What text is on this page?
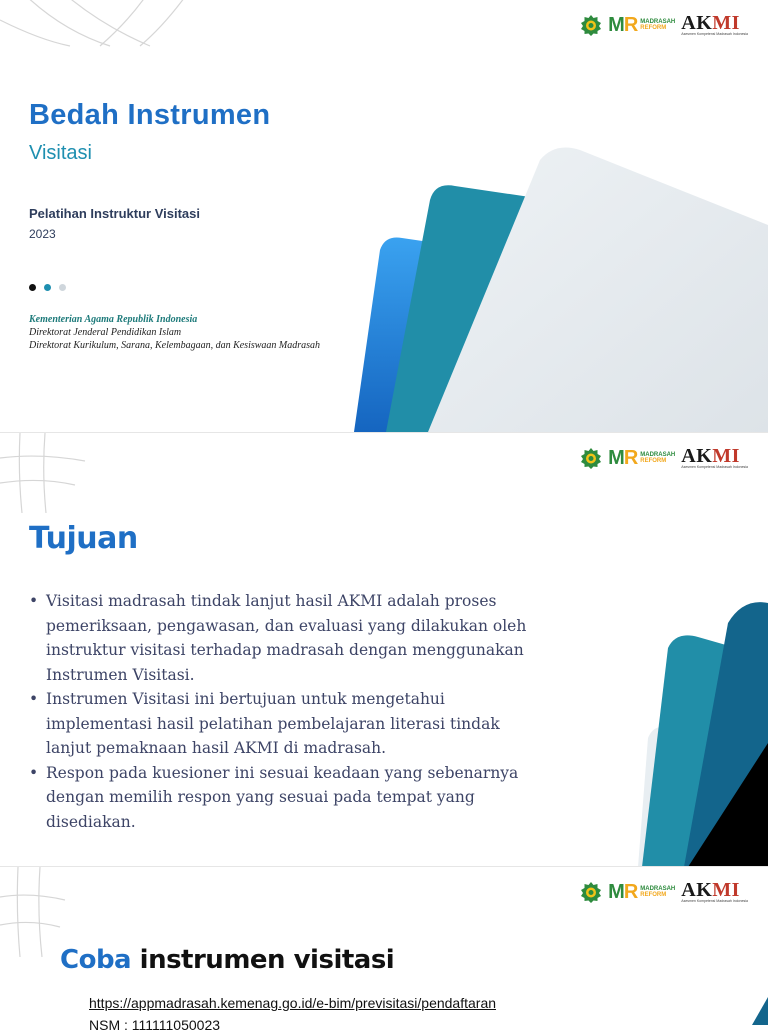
MR MADRASAH
REFORM AKMI
Asesmen Kompetensi Madrasah Indonesia
Bedah Instrumen
Visitasi
Pelatihan Instruktur Visitasi
2023
Kementerian Agama Republik Indonesia
Direktorat Jenderal Pendidikan Islam
Direktorat Kurikulum, Sarana, Kelembagaan, dan Kesiswaan Madrasah
MR MADRASAH
REFORM AKMI
Asesmen Kompetensi Madrasah Indonesia
Tujuan
• Visitasi madrasah tindak lanjut hasil AKMI adalah proses pemeriksaan, pengawasan, dan evaluasi yang dilakukan oleh instruktur visitasi terhadap madrasah dengan menggunakan Instrumen Visitasi.
• Instrumen Visitasi ini bertujuan untuk mengetahui implementasi hasil pelatihan pembelajaran literasi tindak lanjut pemaknaan hasil AKMI di madrasah.
• Respon pada kuesioner ini sesuai keadaan yang sebenarnya dengan memilih respon yang sesuai pada tempat yang disediakan.
MR MADRASAH
REFORM AKMI
Asesmen Kompetensi Madrasah Indonesia
Coba instrumen visitasi
https://appmadrasah.kemenag.go.id/e-bim/previsitasi/pendaftaran
NSM : 111111050023
